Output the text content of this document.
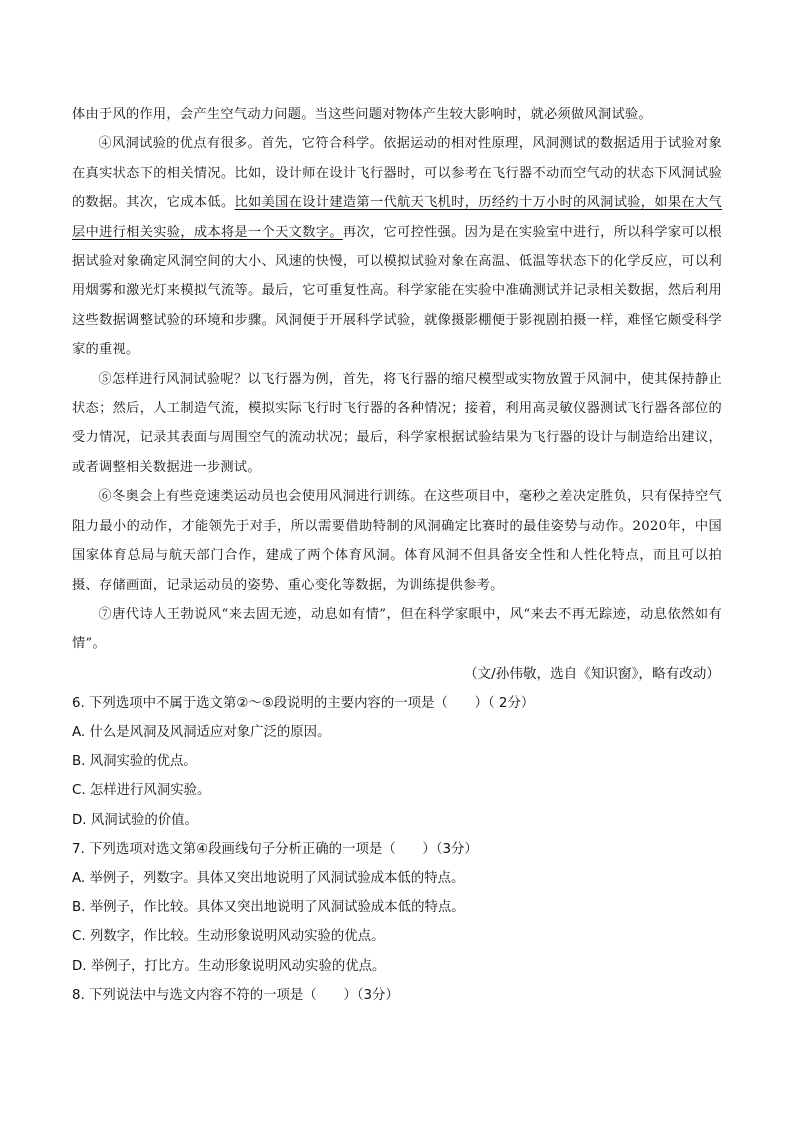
体由于风的作用，会产生空气动力问题。当这些问题对物体产生较大影响时，就必须做风洞试验。

④风洞试验的优点有很多。首先，它符合科学。依据运动的相对性原理，风洞测试的数据适用于试验对象在真实状态下的相关情况。比如，设计师在设计飞行器时，可以参考在飞行器不动而空气动的状态下风洞试验的数据。其次，它成本低。比如美国在设计建造第一代航天飞机时，历经约十万小时的风洞试验，如果在大气层中进行相关实验，成本将是一个天文数字。再次，它可控性强。因为是在实验室中进行，所以科学家可以根据试验对象确定风洞空间的大小、风速的快慢，可以模拟试验对象在高温、低温等状态下的化学反应，可以利用烟雾和激光灯来模拟气流等。最后，它可重复性高。科学家能在实验中准确测试并记录相关数据，然后利用这些数据调整试验的环境和步骤。风洞便于开展科学试验，就像摄影棚便于影视剧拍摄一样，难怪它颇受科学家的重视。

⑤怎样进行风洞试验呢？以飞行器为例，首先，将飞行器的缩尺模型或实物放置于风洞中，使其保持静止状态；然后，人工制造气流，模拟实际飞行时飞行器的各种情况；接着，利用高灵敏仪器测试飞行器各部位的受力情况，记录其表面与周围空气的流动状况；最后，科学家根据试验结果为飞行器的设计与制造给出建议，或者调整相关数据进一步测试。

⑥冬奥会上有些竞速类运动员也会使用风洞进行训练。在这些项目中，毫秒之差决定胜负，只有保持空气阻力最小的动作，才能领先于对手，所以需要借助特制的风洞确定比赛时的最佳姿势与动作。2020年，中国国家体育总局与航天部门合作，建成了两个体育风洞。体育风洞不但具备安全性和人性化特点，而且可以拍摄、存储画面，记录运动员的姿势、重心变化等数据，为训练提供参考。

⑦唐代诗人王勃说风“来去固无迹，动息如有情”，但在科学家眼中，风“来去不再无踪迹，动息依然如有情”。

（文/孙伟敬，选自《知识窗》，略有改动）

6. 下列选项中不属于选文第②～⑤段说明的主要内容的一项是（　　）（ 2分）

A. 什么是风洞及风洞适应对象广泛的原因。

B. 风洞实验的优点。

C. 怎样进行风洞实验。

D. 风洞试验的价值。

7. 下列选项对选文第④段画线句子分析正确的一项是（　　）（3分）

A. 举例子，列数字。具体又突出地说明了风洞试验成本低的特点。

B. 举例子，作比较。具体又突出地说明了风洞试验成本低的特点。

C. 列数字，作比较。生动形象说明风动实验的优点。

D. 举例子，打比方。生动形象说明风动实验的优点。

8. 下列说法中与选文内容不符的一项是（　　）（3分）
